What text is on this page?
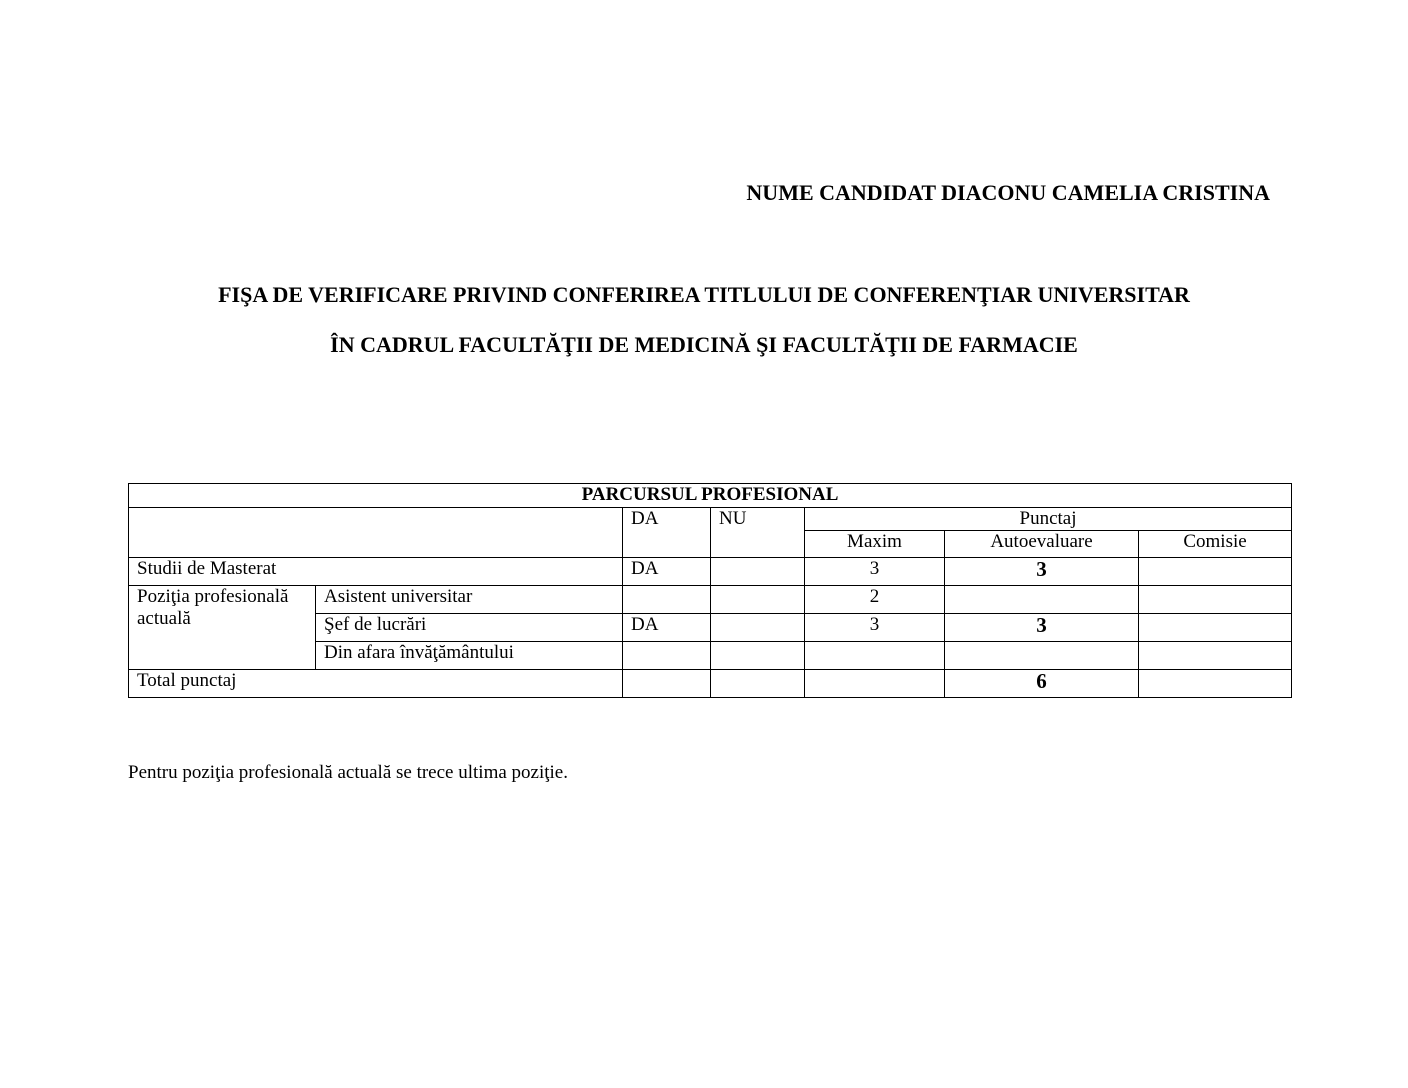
NUME CANDIDAT DIACONU CAMELIA CRISTINA
FIŞA DE VERIFICARE PRIVIND CONFERIREA TITLULUI DE CONFERENŢIAR UNIVERSITAR
ÎN CADRUL FACULTĂŢII DE MEDICINĂ ŞI FACULTĂŢII DE FARMACIE
PARCURSUL PROFESIONAL						
		DA	NU	Punctaj		
				Maxim	Autoevaluare	Comisie
Studii de Masterat		DA		3	3	
Poziţia profesională actuală	Asistent universitar			2		
	Şef de lucrări	DA		3	3	
	Din afara învăţământului					
Total punctaj					6	
Pentru poziţia profesională actuală se trece ultima poziţie.
